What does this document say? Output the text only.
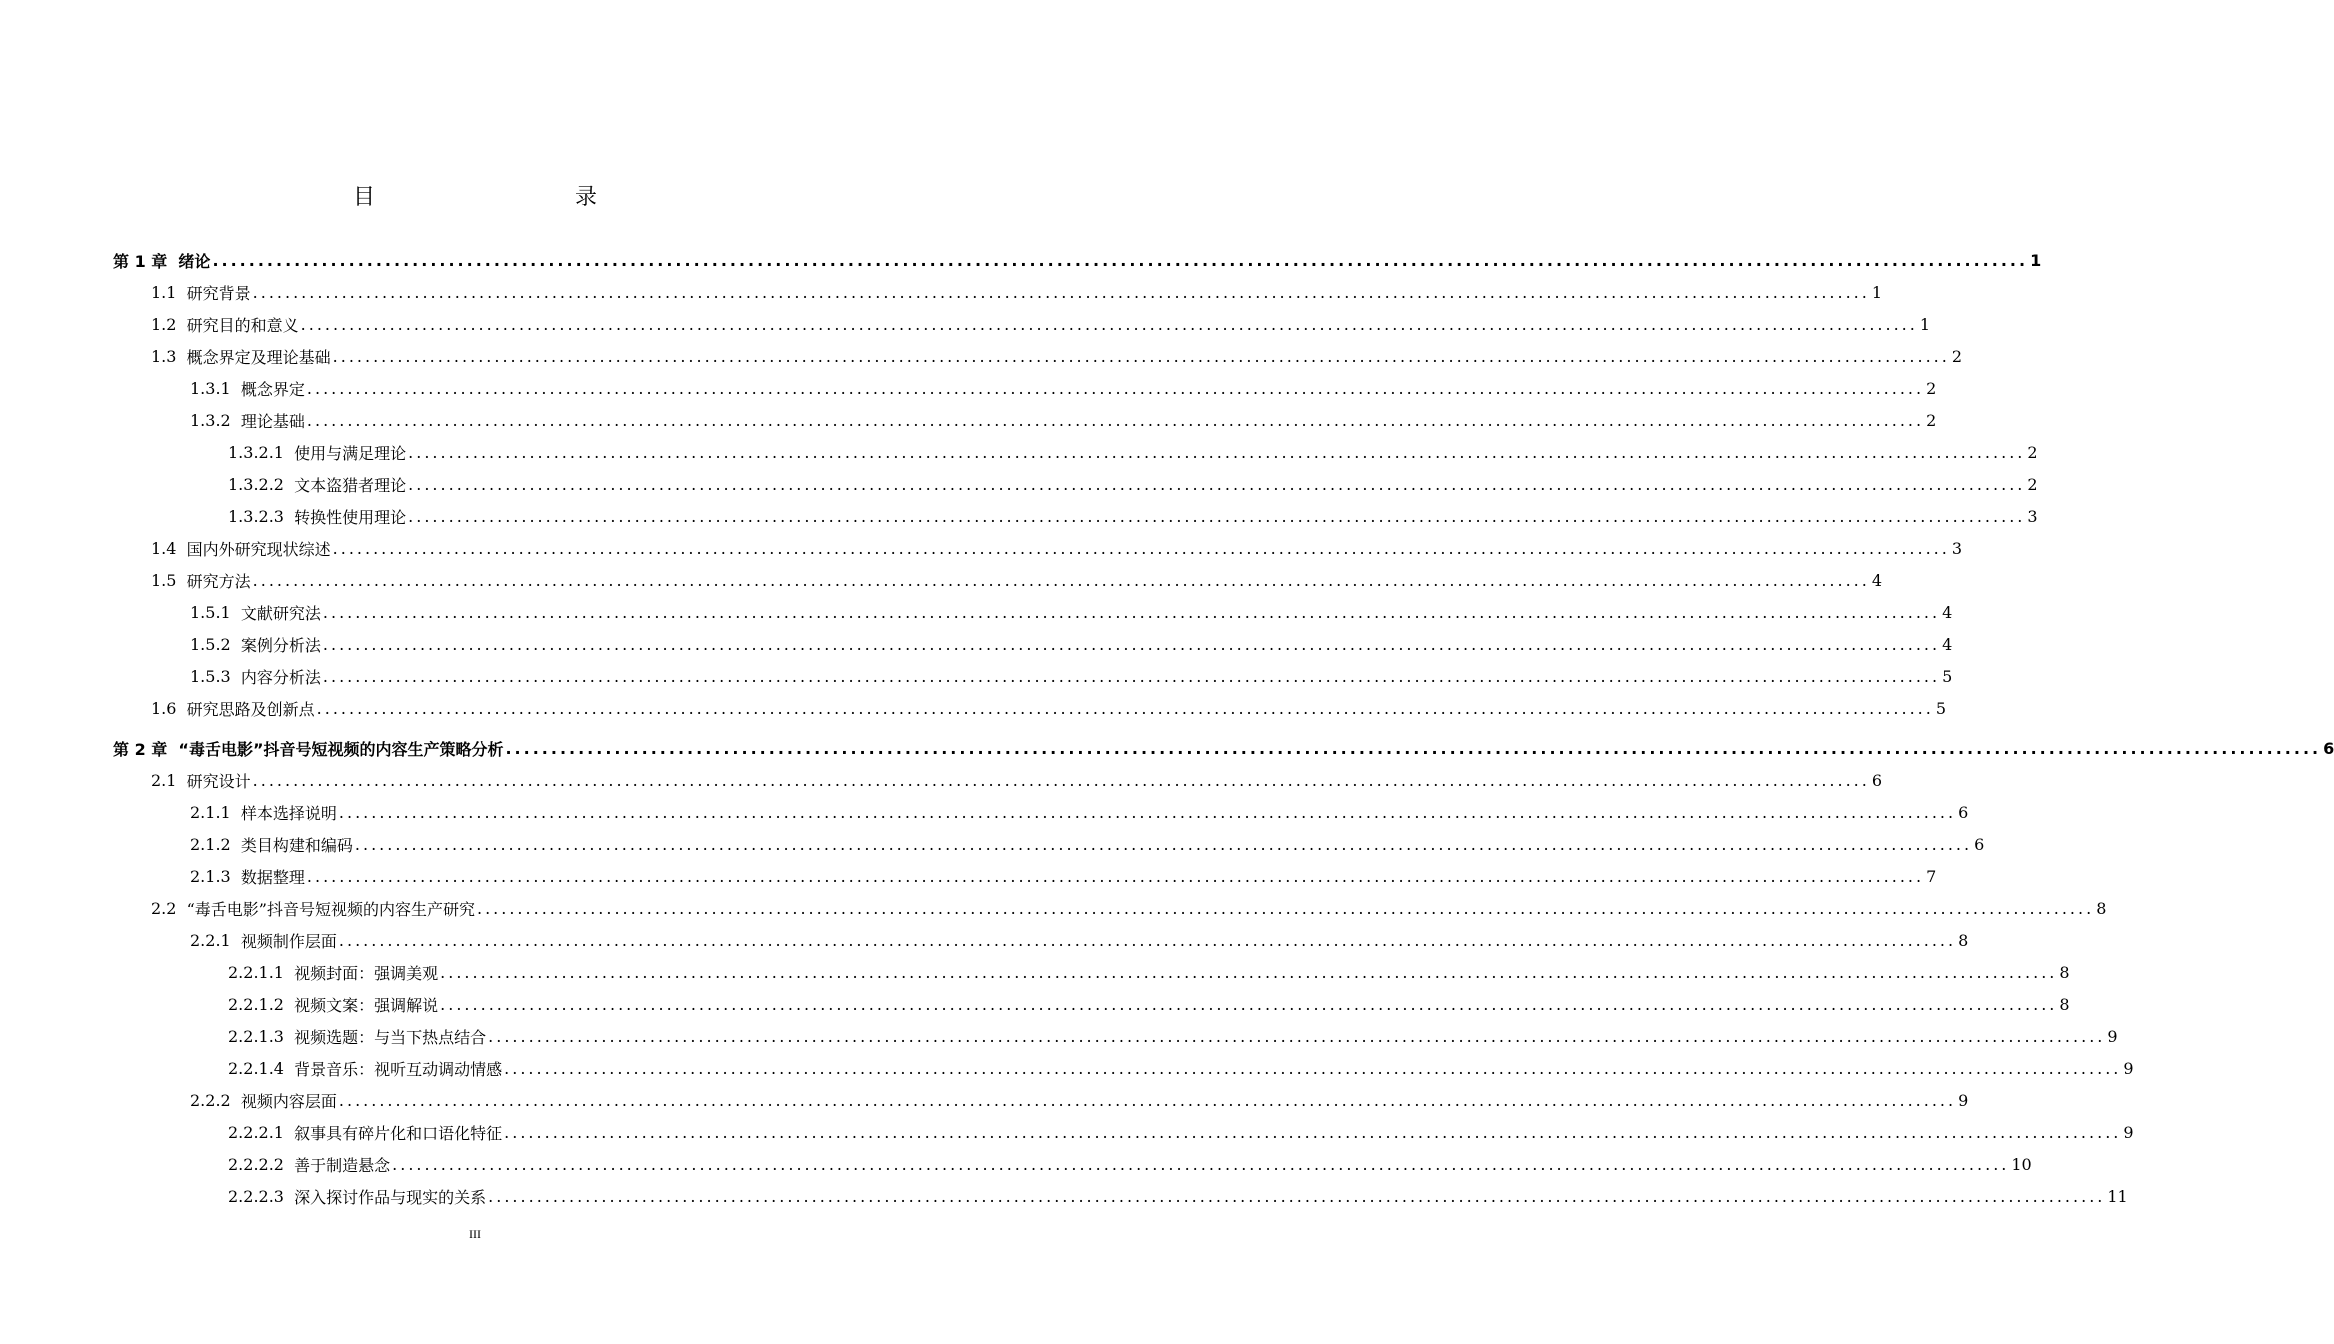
目　　录
第 1 章 绪论 ........................................................................................................................................................................................................ 1
1.1 研究背景 ........................................................................................................................................................................................................ 1
1.2 研究目的和意义 ........................................................................................................................................................................................................ 1
1.3 概念界定及理论基础 ........................................................................................................................................................................................................ 2
1.3.1 概念界定 ........................................................................................................................................................................................................ 2
1.3.2 理论基础 ........................................................................................................................................................................................................ 2
1.3.2.1 使用与满足理论 ........................................................................................................................................................................................................ 2
1.3.2.2 文本盗猎者理论 ........................................................................................................................................................................................................ 2
1.3.2.3 转换性使用理论 ........................................................................................................................................................................................................ 3
1.4 国内外研究现状综述 ........................................................................................................................................................................................................ 3
1.5 研究方法 ........................................................................................................................................................................................................ 4
1.5.1 文献研究法 ........................................................................................................................................................................................................ 4
1.5.2 案例分析法 ........................................................................................................................................................................................................ 4
1.5.3 内容分析法 ........................................................................................................................................................................................................ 5
1.6 研究思路及创新点 ........................................................................................................................................................................................................ 5
第 2 章 “毒舌电影”抖音号短视频的内容生产策略分析 ........................................................................................................................................................................................................ 6
2.1 研究设计 ........................................................................................................................................................................................................ 6
2.1.1 样本选择说明 ........................................................................................................................................................................................................ 6
2.1.2 类目构建和编码 ........................................................................................................................................................................................................ 6
2.1.3 数据整理 ........................................................................................................................................................................................................ 7
2.2 “毒舌电影”抖音号短视频的内容生产研究 ........................................................................................................................................................................................................ 8
2.2.1 视频制作层面 ........................................................................................................................................................................................................ 8
2.2.1.1 视频封面：强调美观 ........................................................................................................................................................................................................ 8
2.2.1.2 视频文案：强调解说 ........................................................................................................................................................................................................ 8
2.2.1.3 视频选题：与当下热点结合 ........................................................................................................................................................................................................ 9
2.2.1.4 背景音乐：视听互动调动情感 ........................................................................................................................................................................................................ 9
2.2.2 视频内容层面 ........................................................................................................................................................................................................ 9
2.2.2.1 叙事具有碎片化和口语化特征 ........................................................................................................................................................................................................ 9
2.2.2.2 善于制造悬念 ........................................................................................................................................................................................................ 10
2.2.2.3 深入探讨作品与现实的关系 ........................................................................................................................................................................................................ 11
III
